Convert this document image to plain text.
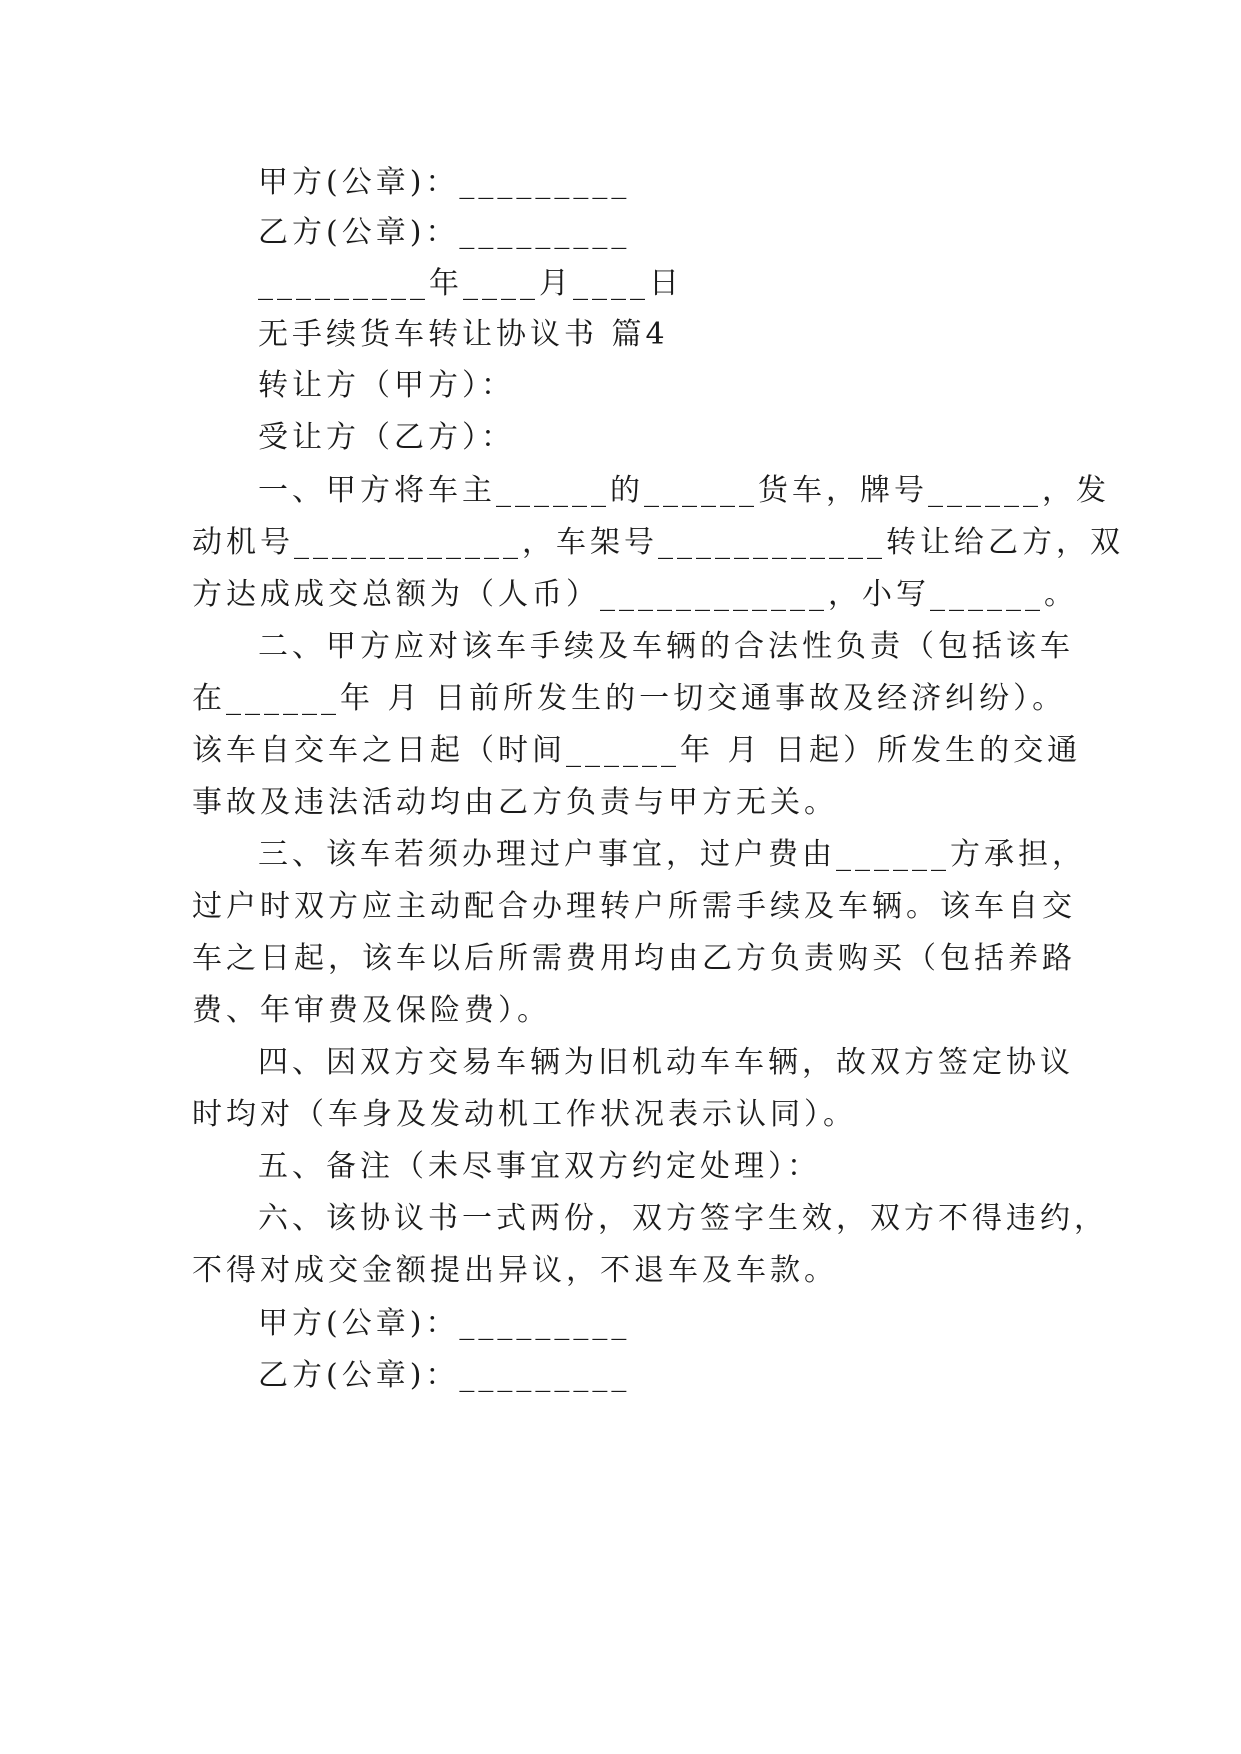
甲方(公章)：_________
乙方(公章)：_________
_________年____月____日
无手续货车转让协议书 篇4
转让方（甲方）：
受让方（乙方）：
一、甲方将车主______的______货车，牌号______，发
动机号____________，车架号____________转让给乙方，双
方达成成交总额为（人币）____________，小写______。
二、甲方应对该车手续及车辆的合法性负责（包括该车
在______年 月 日前所发生的一切交通事故及经济纠纷）。
该车自交车之日起（时间______年 月 日起）所发生的交通
事故及违法活动均由乙方负责与甲方无关。
三、该车若须办理过户事宜，过户费由______方承担，
过户时双方应主动配合办理转户所需手续及车辆。该车自交
车之日起，该车以后所需费用均由乙方负责购买（包括养路
费、年审费及保险费）。
四、因双方交易车辆为旧机动车车辆，故双方签定协议
时均对（车身及发动机工作状况表示认同）。
五、备注（未尽事宜双方约定处理）：
六、该协议书一式两份，双方签字生效，双方不得违约，
不得对成交金额提出异议，不退车及车款。
甲方(公章)：_________
乙方(公章)：_________
